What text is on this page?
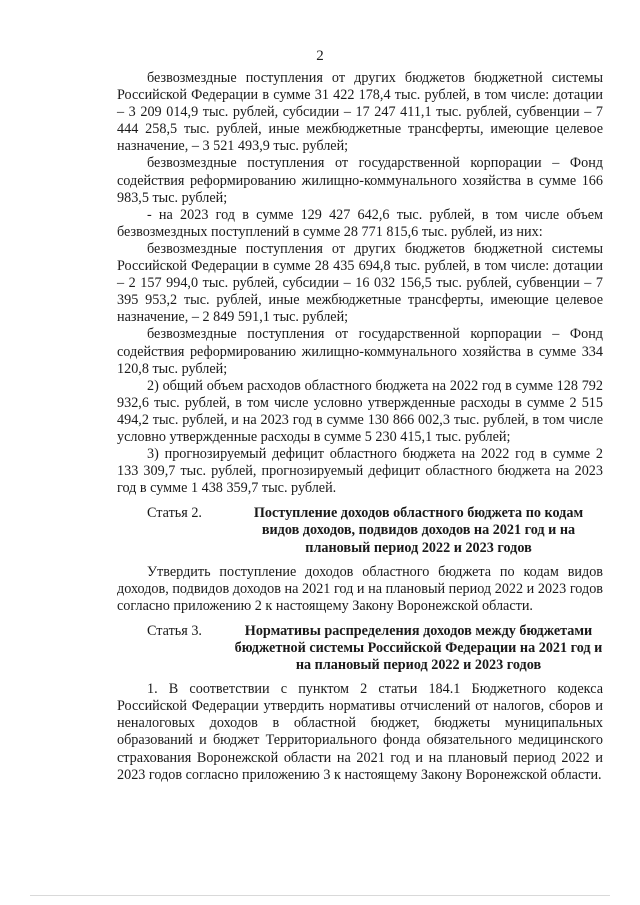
2

безвозмездные поступления от других бюджетов бюджетной системы Российской Федерации в сумме 31 422 178,4 тыс. рублей, в том числе: дотации – 3 209 014,9 тыс. рублей, субсидии – 17 247 411,1 тыс. рублей, субвенции – 7 444 258,5 тыс. рублей, иные межбюджетные трансферты, имеющие целевое назначение, – 3 521 493,9 тыс. рублей;

безвозмездные поступления от государственной корпорации – Фонд содействия реформированию жилищно-коммунального хозяйства в сумме 166 983,5 тыс. рублей;

- на 2023 год в сумме 129 427 642,6 тыс. рублей, в том числе объем безвозмездных поступлений в сумме 28 771 815,6 тыс. рублей, из них:

безвозмездные поступления от других бюджетов бюджетной системы Российской Федерации в сумме 28 435 694,8 тыс. рублей, в том числе: дотации – 2 157 994,0 тыс. рублей, субсидии – 16 032 156,5 тыс. рублей, субвенции – 7 395 953,2 тыс. рублей, иные межбюджетные трансферты, имеющие целевое назначение, – 2 849 591,1 тыс. рублей;

безвозмездные поступления от государственной корпорации – Фонд содействия реформированию жилищно-коммунального хозяйства в сумме 334 120,8 тыс. рублей;

2) общий объем расходов областного бюджета на 2022 год в сумме 128 792 932,6 тыс. рублей, в том числе условно утвержденные расходы в сумме 2 515 494,2 тыс. рублей, и на 2023 год в сумме 130 866 002,3 тыс. рублей, в том числе условно утвержденные расходы в сумме 5 230 415,1 тыс. рублей;

3) прогнозируемый дефицит областного бюджета на 2022 год в сумме 2 133 309,7 тыс. рублей, прогнозируемый дефицит областного бюджета на 2023 год в сумме 1 438 359,7 тыс. рублей.

Статья 2.	Поступление доходов областного бюджета по кодам видов доходов, подвидов доходов на 2021 год и на плановый период 2022 и 2023 годов

Утвердить поступление доходов областного бюджета по кодам видов доходов, подвидов доходов на 2021 год и на плановый период 2022 и 2023 годов согласно приложению 2 к настоящему Закону Воронежской области.

Статья 3.	Нормативы распределения доходов между бюджетами бюджетной системы Российской Федерации на 2021 год и на плановый период 2022 и 2023 годов

1. В соответствии с пунктом 2 статьи 184.1 Бюджетного кодекса Российской Федерации утвердить нормативы отчислений от налогов, сборов и неналоговых доходов в областной бюджет, бюджеты муниципальных образований и бюджет Территориального фонда обязательного медицинского страхования Воронежской области на 2021 год и на плановый период 2022 и 2023 годов согласно приложению 3 к настоящему Закону Воронежской области.
